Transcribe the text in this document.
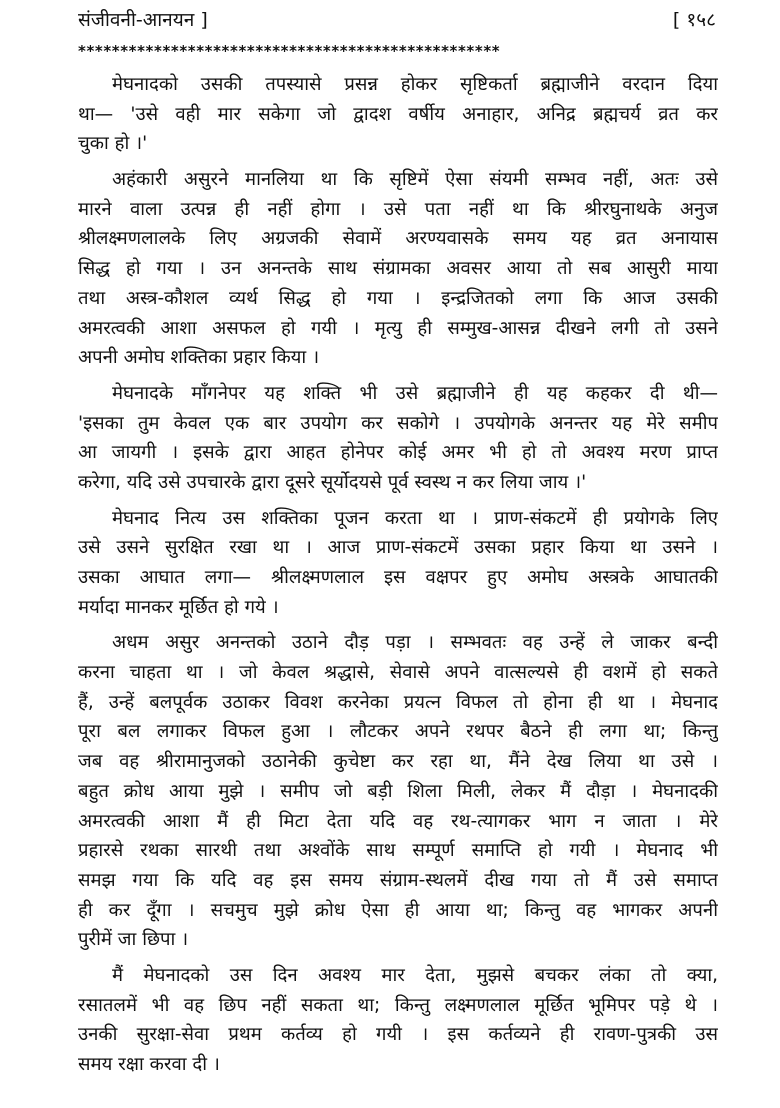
संजीवनी-आनयन ]	[ १५८
**************************************************
मेघनादको उसकी तपस्यासे प्रसन्न होकर सृष्टिकर्ता ब्रह्माजीने वरदान दिया
था— 'उसे वही मार सकेगा जो द्वादश वर्षीय अनाहार, अनिद्र ब्रह्मचर्य व्रत कर
चुका हो ।'
अहंकारी असुरने मानलिया था कि सृष्टिमें ऐसा संयमी सम्भव नहीं, अतः उसे
मारने वाला उत्पन्न ही नहीं होगा । उसे पता नहीं था कि श्रीरघुनाथके अनुज
श्रीलक्ष्मणलालके लिए अग्रजकी सेवामें अरण्यवासके समय यह व्रत अनायास
सिद्ध हो गया । उन अनन्तके साथ संग्रामका अवसर आया तो सब आसुरी माया
तथा अस्त्र-कौशल व्यर्थ सिद्ध हो गया । इन्द्रजितको लगा कि आज उसकी
अमरत्वकी आशा असफल हो गयी । मृत्यु ही सम्मुख-आसन्न दीखने लगी तो उसने
अपनी अमोघ शक्तिका प्रहार किया ।
मेघनादके माँगनेपर यह शक्ति भी उसे ब्रह्माजीने ही यह कहकर दी थी—
'इसका तुम केवल एक बार उपयोग कर सकोगे । उपयोगके अनन्तर यह मेरे समीप
आ जायगी । इसके द्वारा आहत होनेपर कोई अमर भी हो तो अवश्य मरण प्राप्त
करेगा, यदि उसे उपचारके द्वारा दूसरे सूर्योदयसे पूर्व स्वस्थ न कर लिया जाय ।'
मेघनाद नित्य उस शक्तिका पूजन करता था । प्राण-संकटमें ही प्रयोगके लिए
उसे उसने सुरक्षित रखा था । आज प्राण-संकटमें उसका प्रहार किया था उसने ।
उसका आघात लगा— श्रीलक्ष्मणलाल इस वक्षपर हुए अमोघ अस्त्रके आघातकी
मर्यादा मानकर मूर्छित हो गये ।
अधम असुर अनन्तको उठाने दौड़ पड़ा । सम्भवतः वह उन्हें ले जाकर बन्दी
करना चाहता था । जो केवल श्रद्धासे, सेवासे अपने वात्सल्यसे ही वशमें हो सकते
हैं, उन्हें बलपूर्वक उठाकर विवश करनेका प्रयत्न विफल तो होना ही था । मेघनाद
पूरा बल लगाकर विफल हुआ । लौटकर अपने रथपर बैठने ही लगा था; किन्तु
जब वह श्रीरामानुजको उठानेकी कुचेष्टा कर रहा था, मैंने देख लिया था उसे ।
बहुत क्रोध आया मुझे । समीप जो बड़ी शिला मिली, लेकर मैं दौड़ा । मेघनादकी
अमरत्वकी आशा मैं ही मिटा देता यदि वह रथ-त्यागकर भाग न जाता । मेरे
प्रहारसे रथका सारथी तथा अश्वोंके साथ सम्पूर्ण समाप्ति हो गयी । मेघनाद भी
समझ गया कि यदि वह इस समय संग्राम-स्थलमें दीख गया तो मैं उसे समाप्त
ही कर दूँगा । सचमुच मुझे क्रोध ऐसा ही आया था; किन्तु वह भागकर अपनी
पुरीमें जा छिपा ।
मैं मेघनादको उस दिन अवश्य मार देता, मुझसे बचकर लंका तो क्या,
रसातलमें भी वह छिप नहीं सकता था; किन्तु लक्ष्मणलाल मूर्छित भूमिपर पड़े थे ।
उनकी सुरक्षा-सेवा प्रथम कर्तव्य हो गयी । इस कर्तव्यने ही रावण-पुत्रकी उस
समय रक्षा करवा दी ।
